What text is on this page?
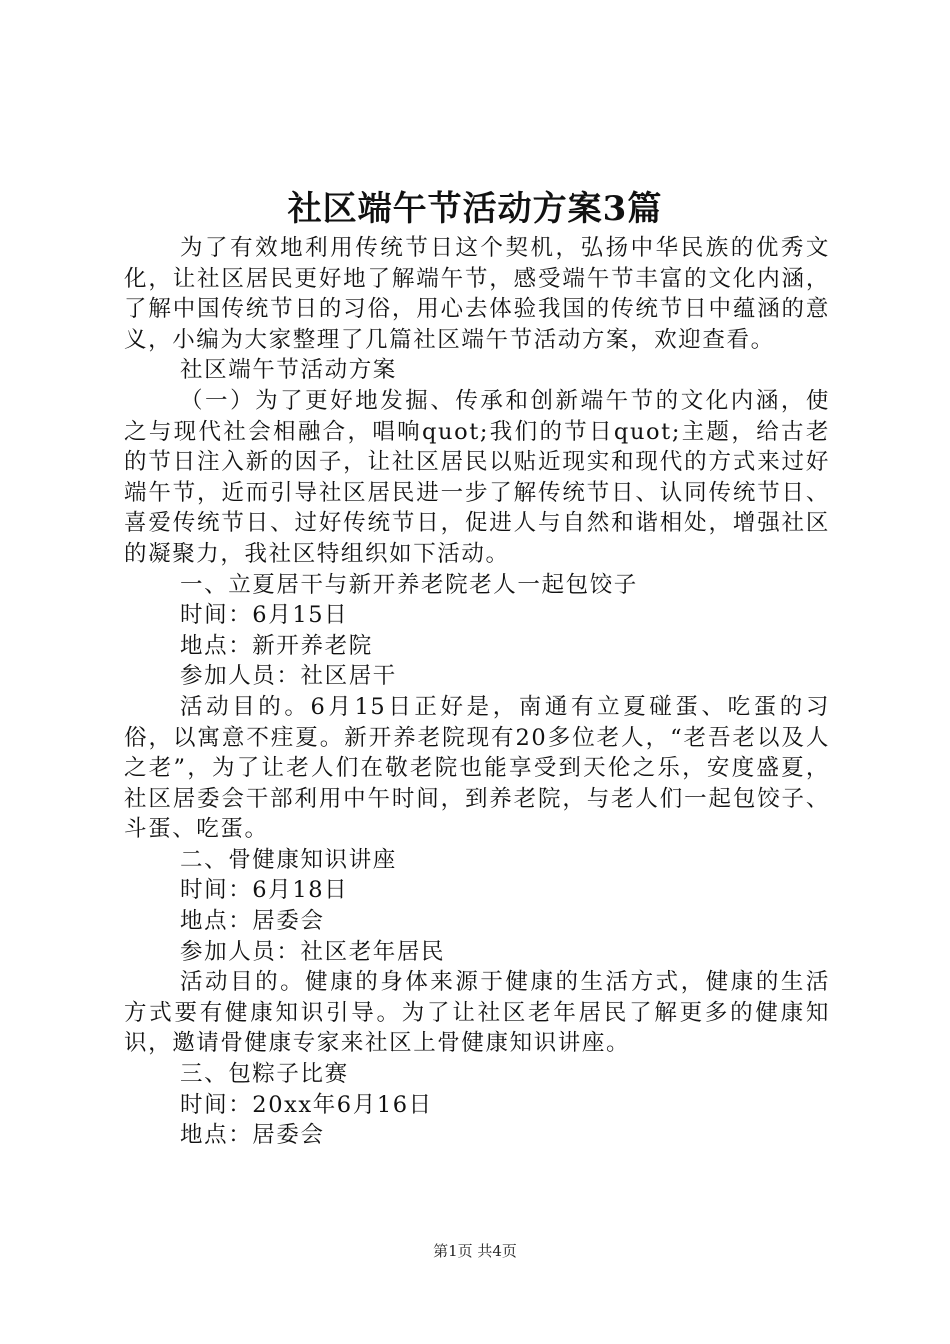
社区端午节活动方案3篇

为了有效地利用传统节日这个契机，弘扬中华民族的优秀文化，让社区居民更好地了解端午节，感受端午节丰富的文化内涵，了解中国传统节日的习俗，用心去体验我国的传统节日中蕴涵的意义，小编为大家整理了几篇社区端午节活动方案，欢迎查看。

社区端午节活动方案

（一）为了更好地发掘、传承和创新端午节的文化内涵，使之与现代社会相融合，唱响quot;我们的节日quot;主题，给古老的节日注入新的因子，让社区居民以贴近现实和现代的方式来过好端午节，近而引导社区居民进一步了解传统节日、认同传统节日、喜爱传统节日、过好传统节日，促进人与自然和谐相处，增强社区的凝聚力，我社区特组织如下活动。

一、立夏居干与新开养老院老人一起包饺子

时间：6月15日

地点：新开养老院

参加人员：社区居干

活动目的。6月15日正好是，南通有立夏碰蛋、吃蛋的习俗，以寓意不疰夏。新开养老院现有20多位老人，“老吾老以及人之老”，为了让老人们在敬老院也能享受到天伦之乐，安度盛夏，社区居委会干部利用中午时间，到养老院，与老人们一起包饺子、斗蛋、吃蛋。

二、骨健康知识讲座

时间：6月18日

地点：居委会

参加人员：社区老年居民

活动目的。健康的身体来源于健康的生活方式，健康的生活方式要有健康知识引导。为了让社区老年居民了解更多的健康知识，邀请骨健康专家来社区上骨健康知识讲座。

三、包粽子比赛

时间：20xx年6月16日

地点：居委会

第1页 共4页
